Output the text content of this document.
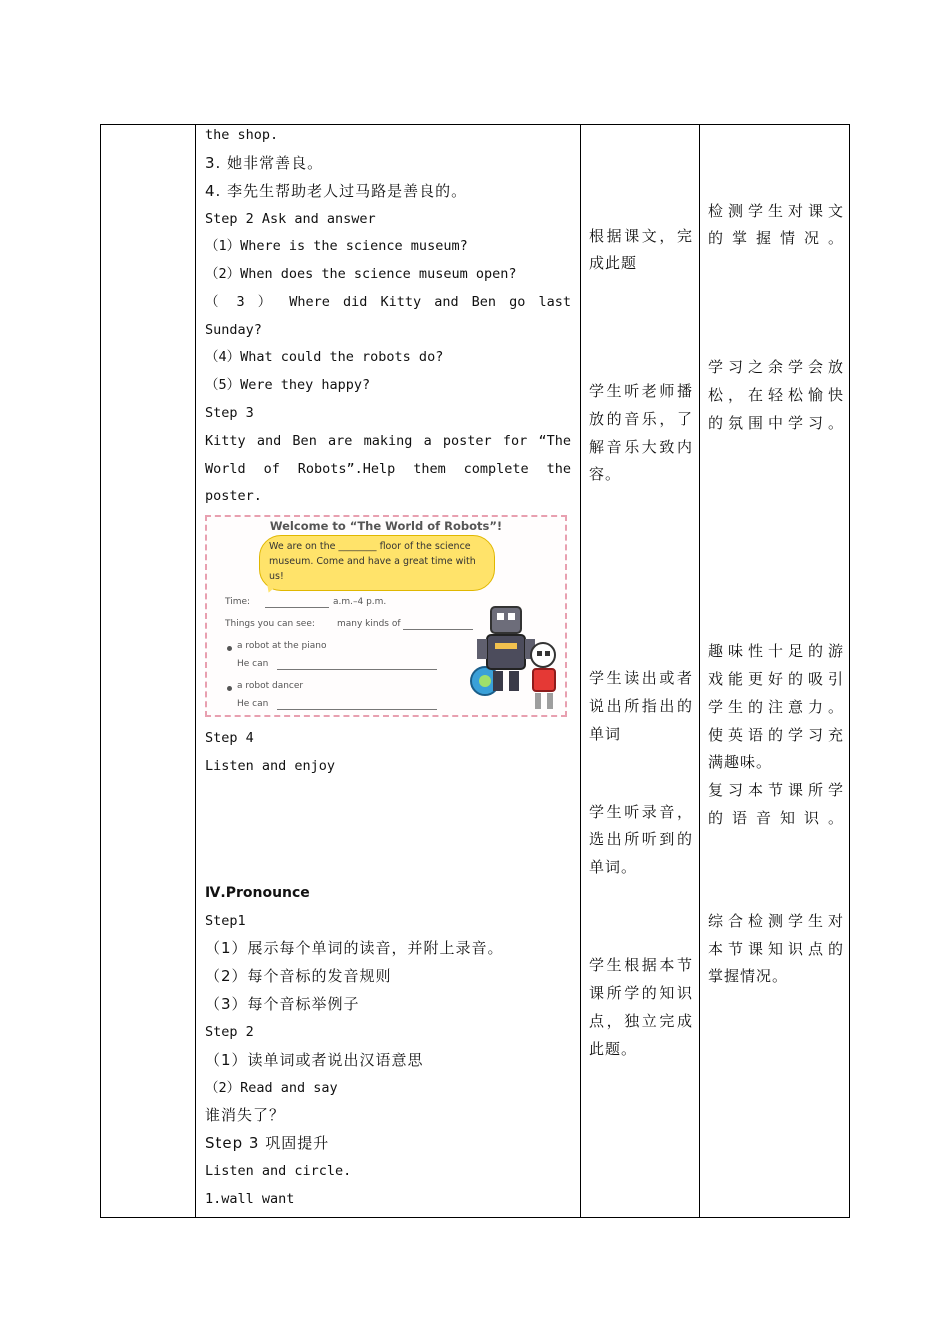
the shop.
3. 她非常善良。
4. 李先生帮助老人过马路是善良的。
Step 2 Ask and answer
（1）Where is the science museum?
（2）When does the science museum open?
（ 3 ） Where did Kitty and Ben go last
Sunday?
（4）What could the robots do?
（5）Were they happy?
Step 3
Kitty and Ben are making a poster for “The
World of Robots”.Help them complete the
poster.
Step 4
Listen and enjoy
Ⅳ.Pronounce
Step1
（1）展示每个单词的读音，并附上录音。
（2）每个音标的发音规则
（3）每个音标举例子
Step 2
（1）读单词或者说出汉语意思
（2）Read and say
谁消失了？
Step 3 巩固提升
Listen and circle.
1.wall want
根据课文，完
成此题
学生听老师播
放的音乐，了
解音乐大致内
容。
学生读出或者
说出所指出的
单词
学生听录音，
选出所听到的
单词。
学生根据本节
课所学的知识
点，独立完成
此题。
检测学生对课文
的掌握情况。
学习之余学会放
松，在轻松愉快
的氛围中学习。
趣味性十足的游
戏能更好的吸引
学生的注意力。
使英语的学习充
满趣味。
复习本节课所学
的语音知识。
综合检测学生对
本节课知识点的
掌握情况。
Welcome to “The World of Robots”!
We are on the ________ floor of the science museum. Come and have a great time with us!
Time:	a.m.–4 p.m.
Things you can see: many kinds of
a robot at the piano
He can
a robot dancer
He can
